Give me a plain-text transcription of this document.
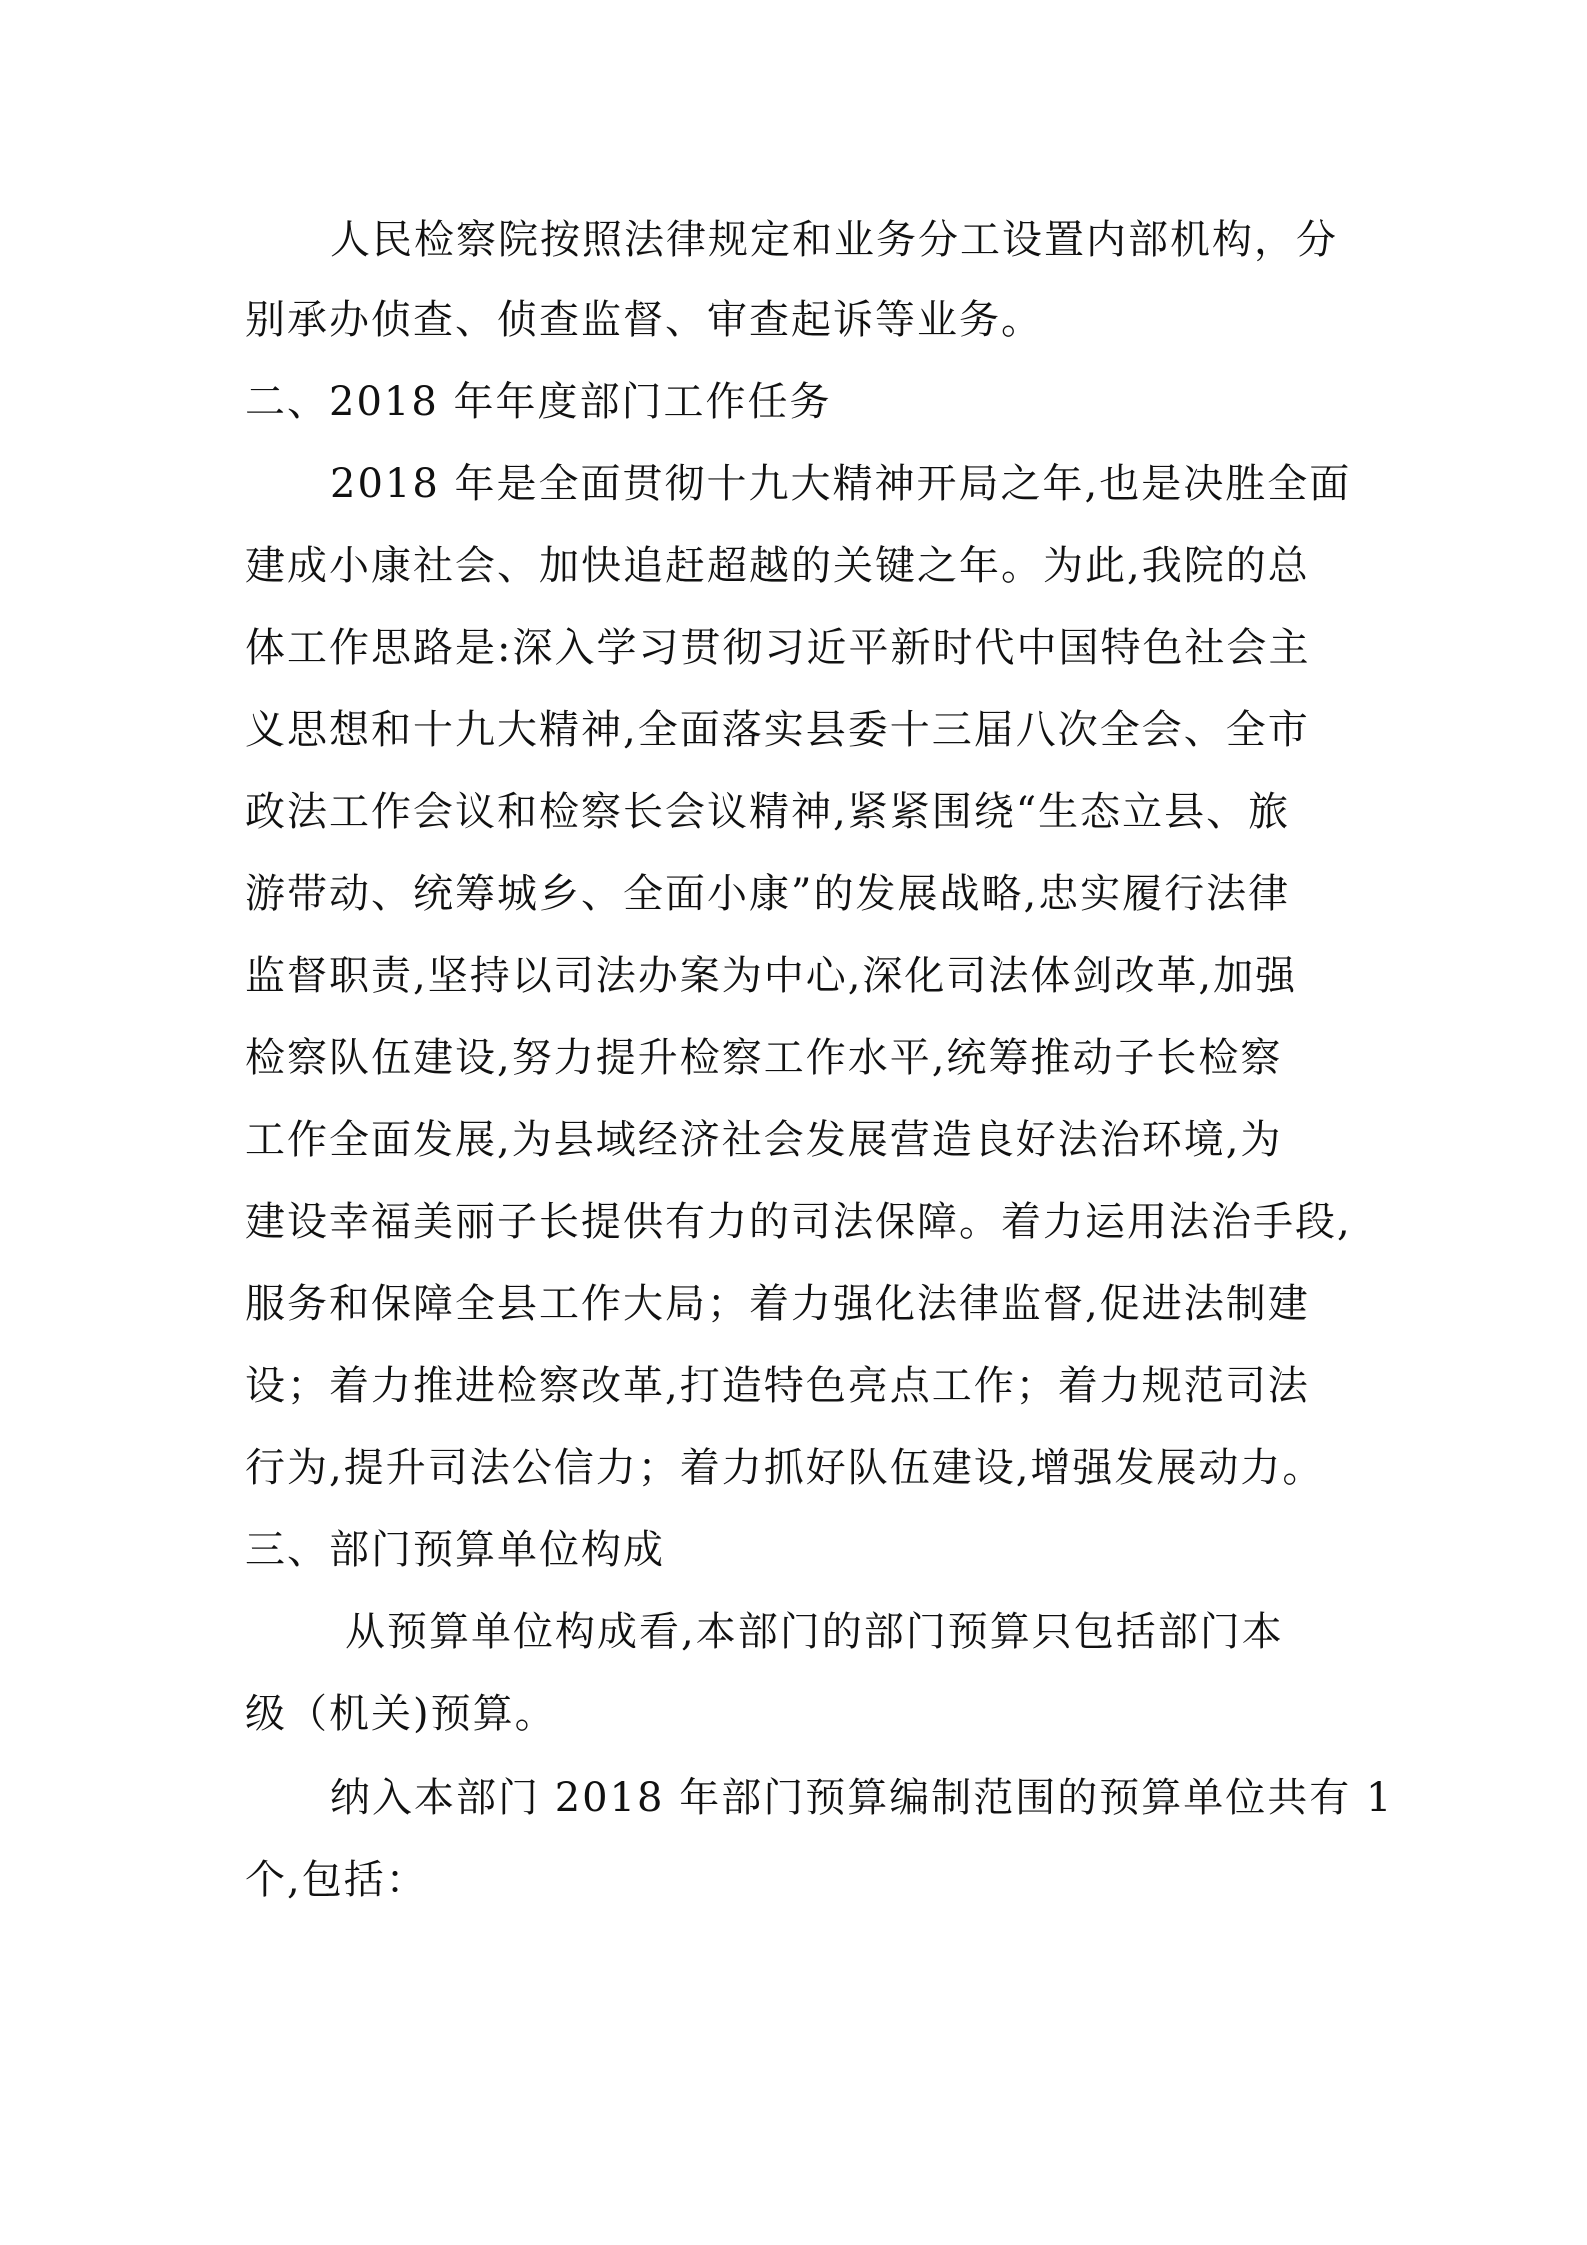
人民检察院按照法律规定和业务分工设置内部机构，分
别承办侦查、侦查监督、审查起诉等业务。
二、2018 年年度部门工作任务
2018 年是全面贯彻十九大精神开局之年,也是决胜全面
建成小康社会、加快追赶超越的关键之年。为此,我院的总
体工作思路是:深入学习贯彻习近平新时代中国特色社会主
义思想和十九大精神,全面落实县委十三届八次全会、全市
政法工作会议和检察长会议精神,紧紧围绕“生态立县、旅
游带动、统筹城乡、全面小康”的发展战略,忠实履行法律
监督职责,坚持以司法办案为中心,深化司法体剑改革,加强
检察队伍建设,努力提升检察工作水平,统筹推动子长检察
工作全面发展,为县域经济社会发展营造良好法治环境,为
建设幸福美丽子长提供有力的司法保障。着力运用法治手段,
服务和保障全县工作大局；着力强化法律监督,促进法制建
设；着力推进检察改革,打造特色亮点工作；着力规范司法
行为,提升司法公信力；着力抓好队伍建设,增强发展动力。
三、部门预算单位构成
从预算单位构成看,本部门的部门预算只包括部门本
级（机关)预算。
纳入本部门 2018 年部门预算编制范围的预算单位共有 1
个,包括：
